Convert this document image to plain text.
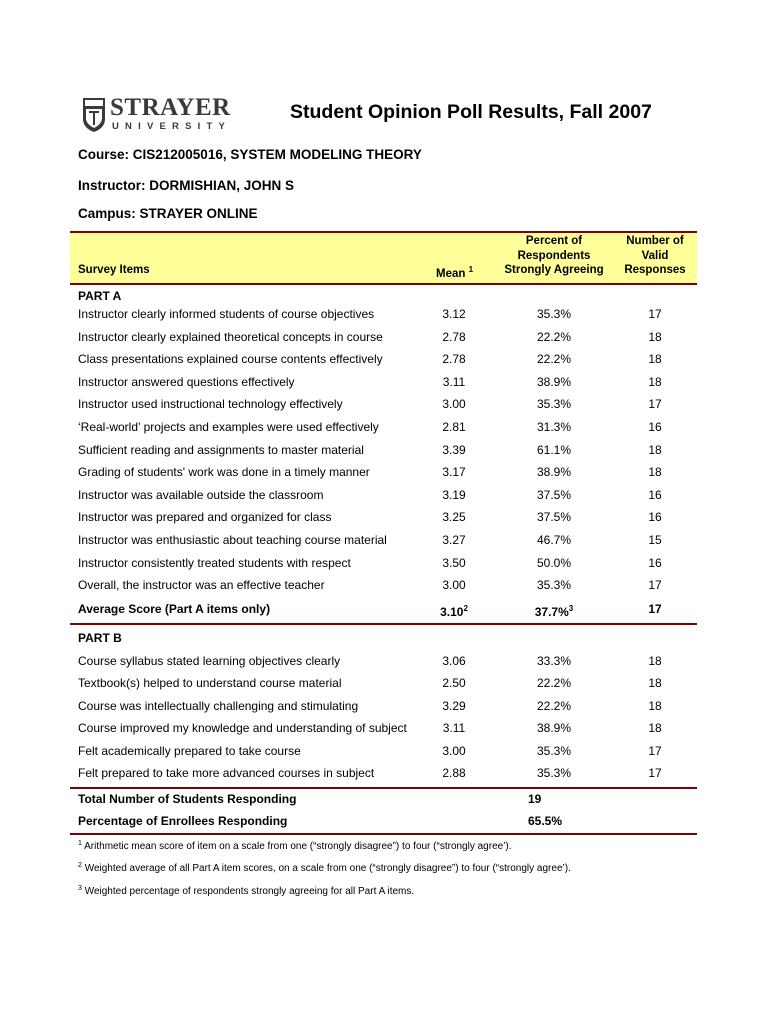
STRAYER
UNIVERSITY
Student Opinion Poll Results, Fall 2007
Course: CIS212005016, SYSTEM MODELING THEORY
Instructor: DORMISHIAN, JOHN S
Campus: STRAYER ONLINE
Survey Items	Mean $^1$
Percent of
Respondents
Strongly Agreeing
Number of
Valid
Responses
PART A
Instructor clearly informed students of course objectives	3.12	35.3%	17
Instructor clearly explained theoretical concepts in course	2.78	22.2%	18
Class presentations explained course contents effectively	2.78	22.2%	18
Instructor answered questions effectively	3.11	38.9%	18
Instructor used instructional technology effectively	3.00	35.3%	17
‘Real-world’ projects and examples were used effectively	2.81	31.3%	16
Sufficient reading and assignments to master material	3.39	61.1%	18
Grading of students' work was done in a timely manner	3.17	38.9%	18
Instructor was available outside the classroom	3.19	37.5%	16
Instructor was prepared and organized for class	3.25	37.5%	16
Instructor was enthusiastic about teaching course material	3.27	46.7%	15
Instructor consistently treated students with respect	3.50	50.0%	16
Overall, the instructor was an effective teacher	3.00	35.3%	17
Average Score (Part A items only)	3.10$^2$	37.7%$^3$	17
PART B
Course syllabus stated learning objectives clearly	3.06	33.3%	18
Textbook(s) helped to understand course material	2.50	22.2%	18
Course was intellectually challenging and stimulating	3.29	22.2%	18
Course improved my knowledge and understanding of subject	3.11	38.9%	18
Felt academically prepared to take course	3.00	35.3%	17
Felt prepared to take more advanced courses in subject	2.88	35.3%	17
Total Number of Students Responding	19
Percentage of Enrollees Responding	65.5%
$^1$ Arithmetic mean score of item on a scale from one (“strongly disagree”) to four (“strongly agree’).
$^2$ Weighted average of all Part A item scores, on a scale from one (“strongly disagree”) to four (“strongly agree’).
$^3$ Weighted percentage of respondents strongly agreeing for all Part A items.
